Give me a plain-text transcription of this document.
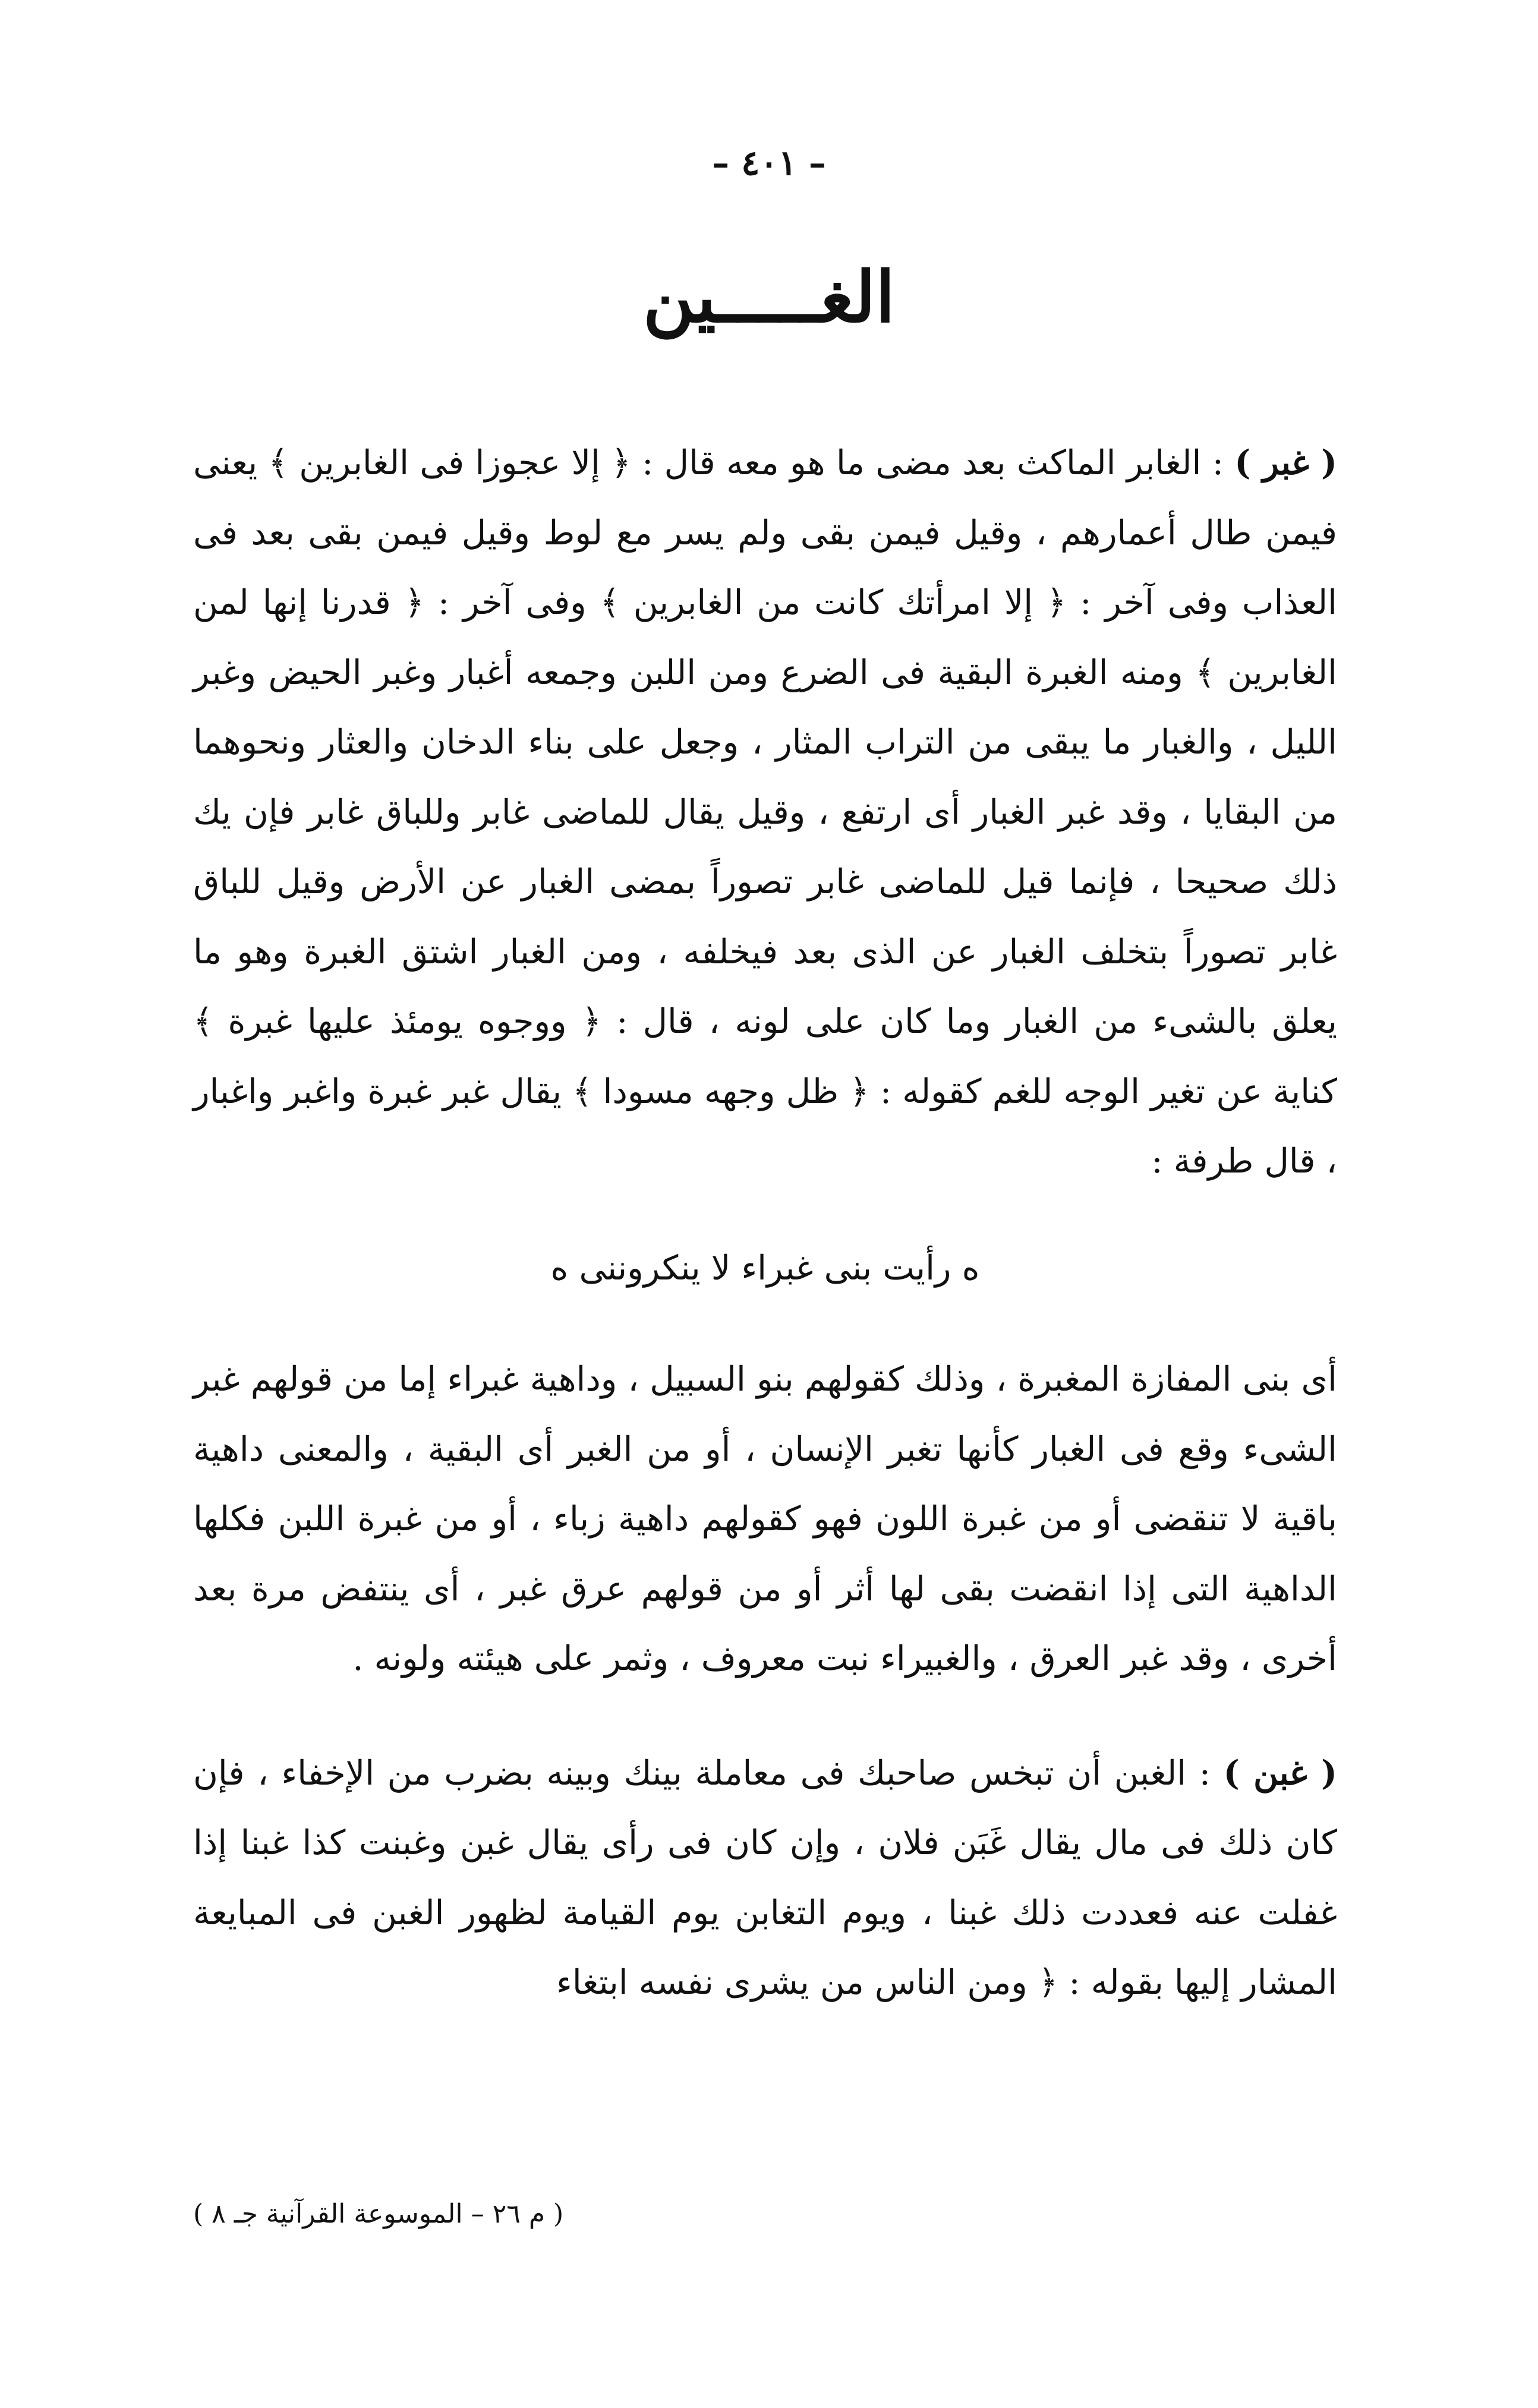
– ٤٠١ –
الغـــــين

( غبر ) : الغابر الماكث بعد مضى ما هو معه قال : ﴿ إلا عجوزا فى الغابرين ﴾ يعنى فيمن طال أعمارهم ، وقيل فيمن بقى ولم يسر مع لوط وقيل فيمن بقى بعد فى العذاب وفى آخر : ﴿ إلا امرأتك كانت من الغابرين ﴾ وفى آخر : ﴿ قدرنا إنها لمن الغابرين ﴾ ومنه الغبرة البقية فى الضرع ومن اللبن وجمعه أغبار وغبر الحيض وغبر الليل ، والغبار ما يبقى من التراب المثار ، وجعل على بناء الدخان والعثار ونحوهما من البقايا ، وقد غبر الغبار أى ارتفع ، وقيل يقال للماضى غابر وللباق غابر فإن يك ذلك صحيحا ، فإنما قيل للماضى غابر تصوراً بمضى الغبار عن الأرض وقيل للباق غابر تصوراً بتخلف الغبار عن الذى بعد فيخلفه ، ومن الغبار اشتق الغبرة وهو ما يعلق بالشىء من الغبار وما كان على لونه ، قال : ﴿ ووجوه يومئذ عليها غبرة ﴾ كناية عن تغير الوجه للغم كقوله : ﴿ ظل وجهه مسودا ﴾ يقال غبر غبرة واغبر واغبار ، قال طرفة :

ه رأيت بنى غبراء لا ينكروننى ه

أى بنى المفازة المغبرة ، وذلك كقولهم بنو السبيل ، وداهية غبراء إما من قولهم غبر الشىء وقع فى الغبار كأنها تغبر الإنسان ، أو من الغبر أى البقية ، والمعنى داهية باقية لا تنقضى أو من غبرة اللون فهو كقولهم داهية زباء ، أو من غبرة اللبن فكلها الداهية التى إذا انقضت بقى لها أثر أو من قولهم عرق غبر ، أى ينتفض مرة بعد أخرى ، وقد غبر العرق ، والغبيراء نبت معروف ، وثمر على هيئته ولونه .

( غبن ) : الغبن أن تبخس صاحبك فى معاملة بينك وبينه بضرب من الإخفاء ، فإن كان ذلك فى مال يقال غَبَن فلان ، وإن كان فى رأى يقال غبن وغبنت كذا غبنا إذا غفلت عنه فعددت ذلك غبنا ، ويوم التغابن يوم القيامة لظهور الغبن فى المبايعة المشار إليها بقوله : ﴿ ومن الناس من يشرى نفسه ابتغاء

( م ٢٦ – الموسوعة القرآنية جـ ٨ )
